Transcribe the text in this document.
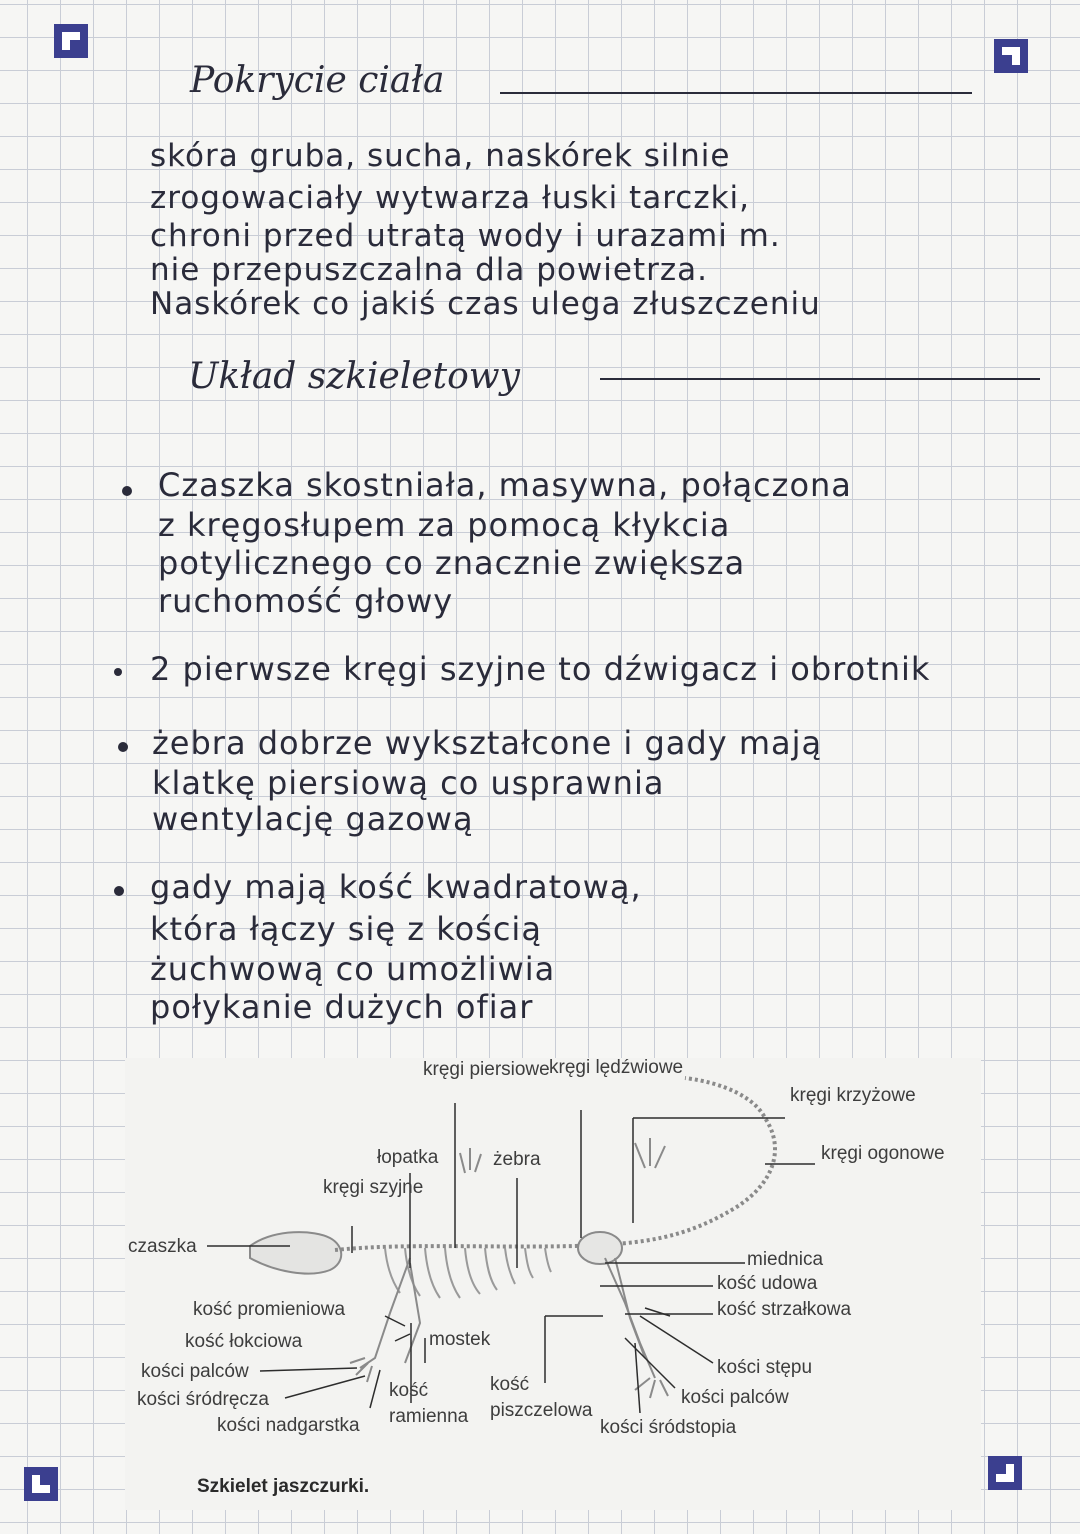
Pokrycie ciała
skóra gruba, sucha, naskórek silnie
zrogowaciały wytwarza łuski tarczki,
chroni przed utratą wody i urazami m.
nie przepuszczalna dla powietrza.
Naskórek co jakiś czas ulega złuszczeniu
Układ szkieletowy
Czaszka skostniała, masywna, połączona
z kręgosłupem za pomocą kłykcia
potylicznego co znacznie zwiększa
ruchomość głowy
2 pierwsze kręgi szyjne to dźwigacz i obrotnik
żebra dobrze wykształcone i gady mają
klatkę piersiową co usprawnia
wentylację gazową
gady mają kość kwadratową,
która łączy się z kością
żuchwową co umożliwia
połykanie dużych ofiar
kręgi piersiowe kręgi lędźwiowe
kręgi krzyżowe
kręgi ogonowe
łopatka	żebra
kręgi szyjne
czaszka
miednica
kość udowa
kość strzałkowa
kość promieniowa
kość łokciowa	mostek
kości palców
kości śródręcza	kość ramienna
kości nadgarstka
kość piszczelowa
kości stępu
kości palców
kości śródstopia
Szkielet jaszczurki.
